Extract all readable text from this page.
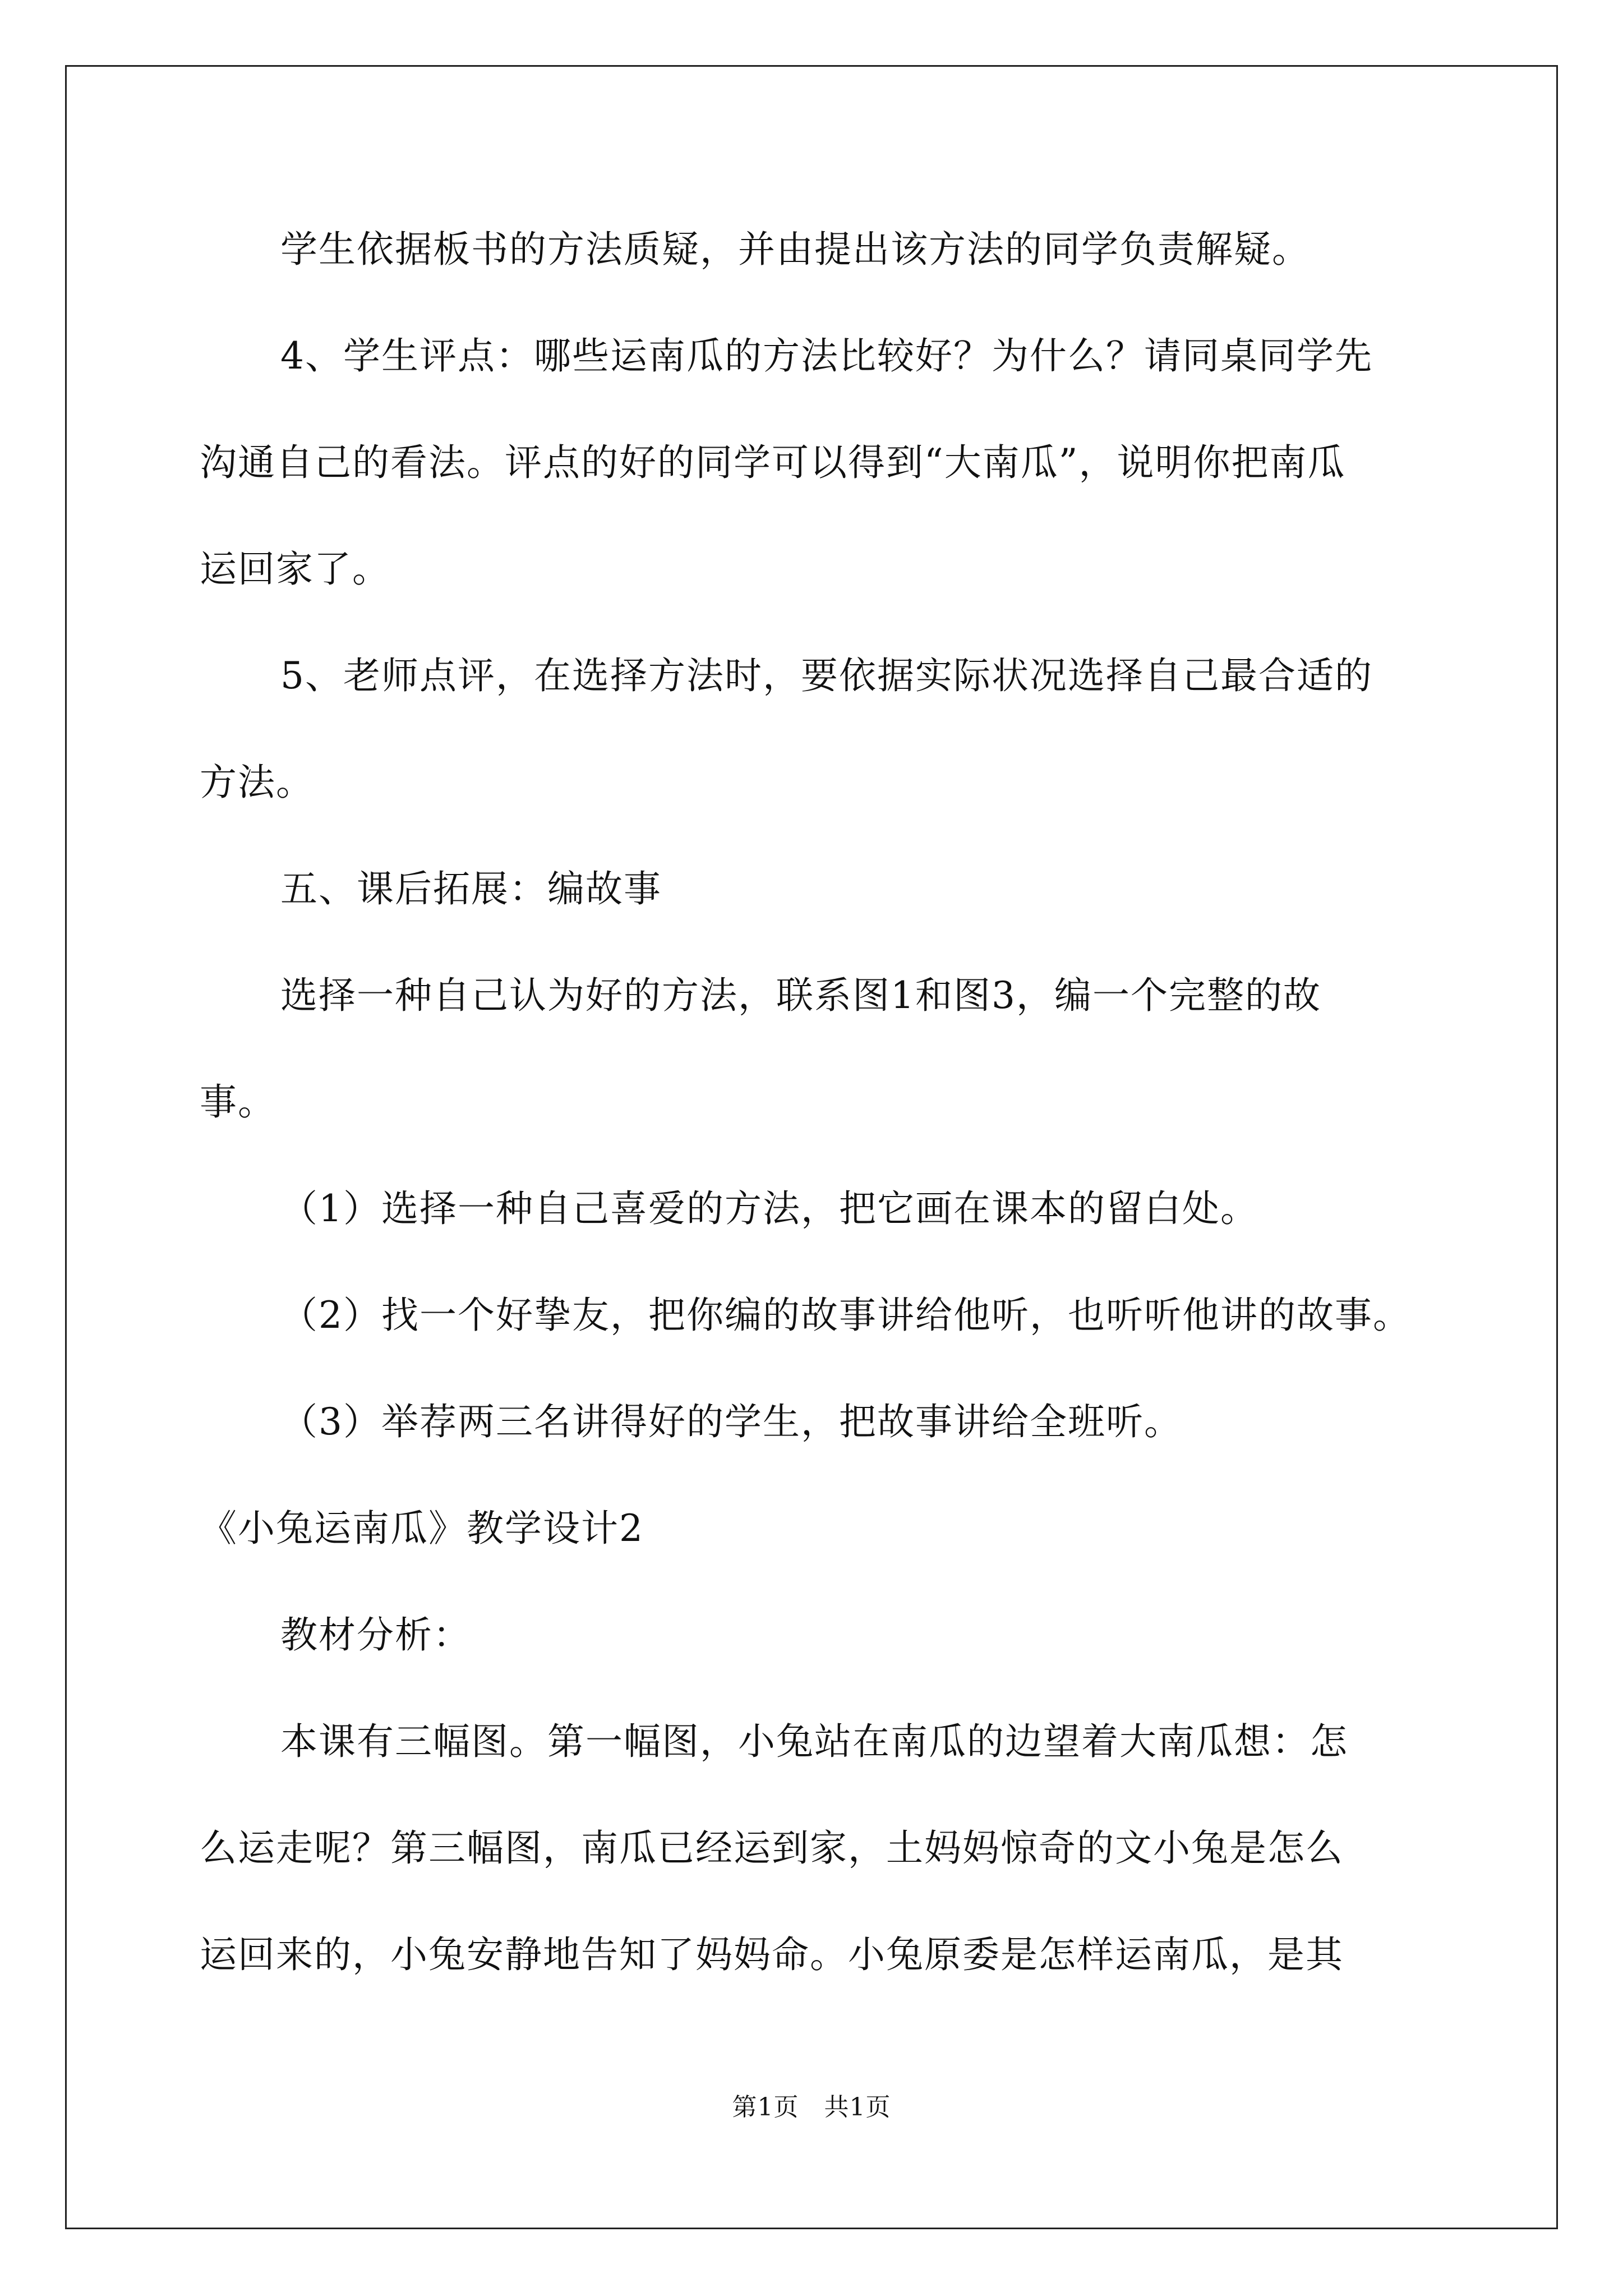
学生依据板书的方法质疑，并由提出该方法的同学负责解疑。
4、学生评点：哪些运南瓜的方法比较好？为什么？请同桌同学先
沟通自己的看法。评点的好的同学可以得到“大南瓜”，说明你把南瓜
运回家了。
5、老师点评，在选择方法时，要依据实际状况选择自己最合适的
方法。
五、课后拓展：编故事
选择一种自己认为好的方法，联系图1和图3，编一个完整的故
事。
（1）选择一种自己喜爱的方法，把它画在课本的留白处。
（2）找一个好挚友，把你编的故事讲给他听，也听听他讲的故事。
（3）举荐两三名讲得好的学生，把故事讲给全班听。
《小兔运南瓜》教学设计2
教材分析：
本课有三幅图。第一幅图，小兔站在南瓜的边望着大南瓜想：怎
么运走呢？第三幅图，南瓜已经运到家，土妈妈惊奇的文小兔是怎么
运回来的，小兔安静地告知了妈妈命。小兔原委是怎样运南瓜，是其
第1页　共1页
